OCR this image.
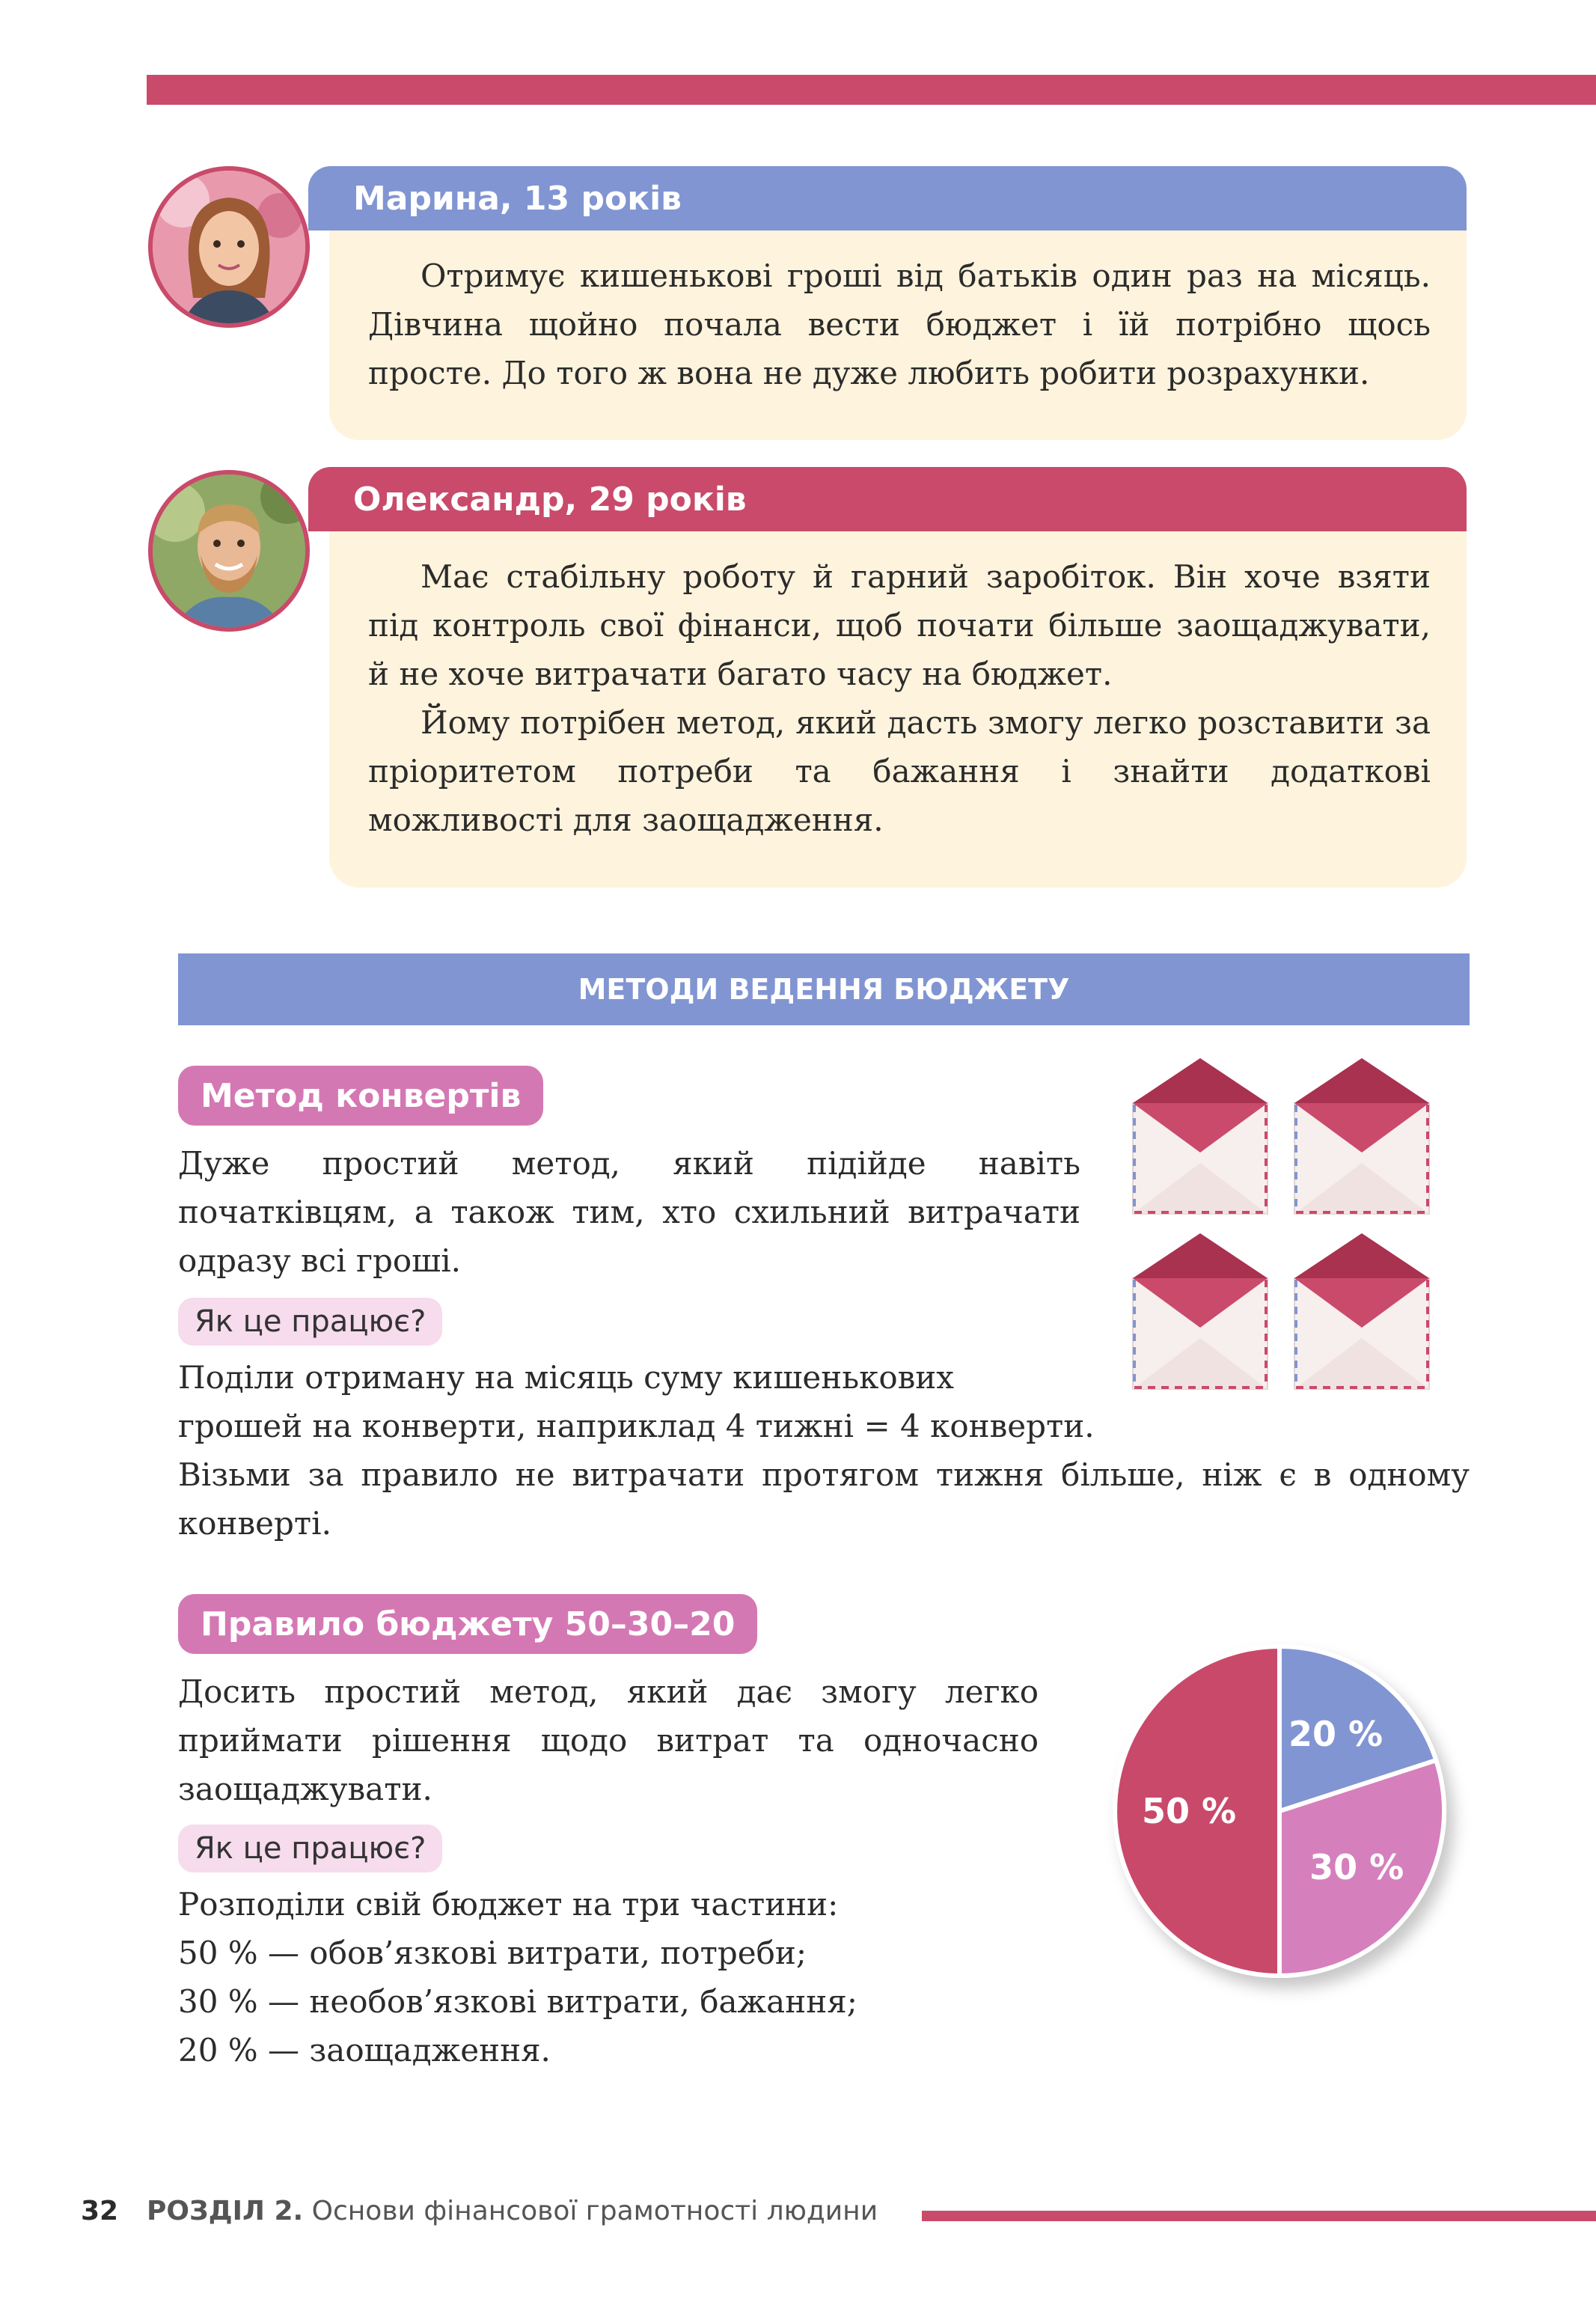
Марина, 13 років

Отримує кишенькові гроші від батьків один раз на місяць. Дівчина щойно почала вести бюджет і їй потрібно щось просте. До того ж вона не дуже любить робити розрахунки.

Олександр, 29 років

Має стабільну роботу й гарний заробіток. Він хоче взяти під контроль свої фінанси, щоб почати більше заощаджувати, й не хоче витрачати багато часу на бюджет.

Йому потрібен метод, який дасть змогу легко розставити за пріоритетом потреби та бажання і знайти додаткові можливості для заощадження.

МЕТОДИ ВЕДЕННЯ БЮДЖЕТУ
Метод конвертів

Дуже простий метод, який підійде навіть початківцям, а також тим, хто схильний витрачати одразу всі гроші.

Як це працює?

Поділи отриману на місяць суму кишенькових

грошей на конверти, наприклад 4 тижні = 4 конверти.

Візьми за правило не витрачати протягом тижня більше, ніж є в одному конверті.

Правило бюджету 50–30–20

Досить простий метод, який дає змогу легко приймати рішення щодо витрат та одночасно заощаджувати.

Як це працює?

Розподіли свій бюджет на три частини:

50 % — обов’язкові витрати, потреби;

30 % — необов’язкові витрати, бажання;

20 % — заощадження.

50 %
30 %
20 %
32 РОЗДІЛ 2. Основи фінансової грамотності людини
